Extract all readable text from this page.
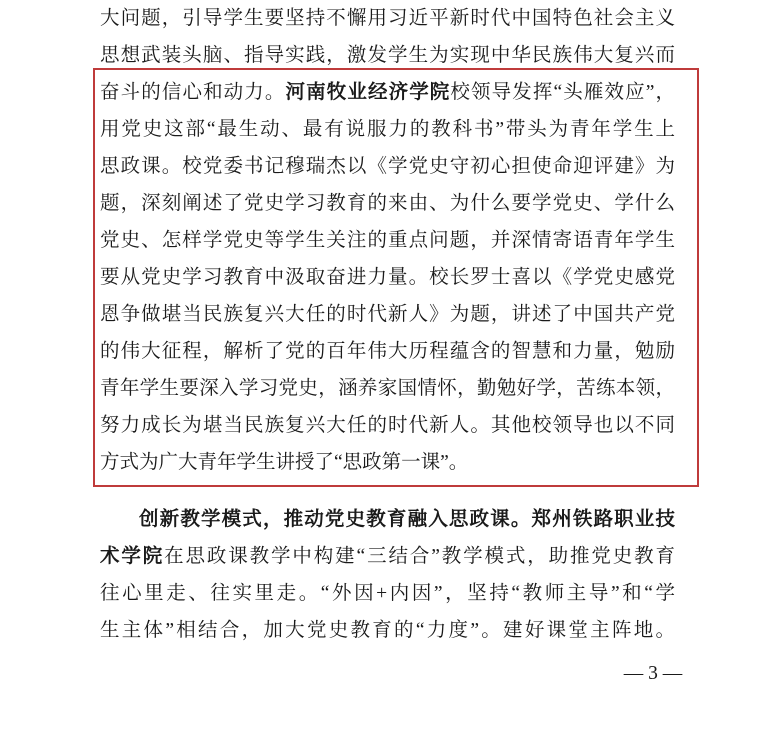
大问题，引导学生要坚持不懈用习近平新时代中国特色社会主义
思想武装头脑、指导实践，激发学生为实现中华民族伟大复兴而
奋斗的信心和动力。河南牧业经济学院校领导发挥“头雁效应”，
用党史这部“最生动、最有说服力的教科书”带头为青年学生上
思政课。校党委书记穆瑞杰以《学党史守初心担使命迎评建》为
题，深刻阐述了党史学习教育的来由、为什么要学党史、学什么
党史、怎样学党史等学生关注的重点问题，并深情寄语青年学生
要从党史学习教育中汲取奋进力量。校长罗士喜以《学党史感党
恩争做堪当民族复兴大任的时代新人》为题，讲述了中国共产党
的伟大征程，解析了党的百年伟大历程蕴含的智慧和力量，勉励
青年学生要深入学习党史，涵养家国情怀，勤勉好学，苦练本领，
努力成长为堪当民族复兴大任的时代新人。其他校领导也以不同
方式为广大青年学生讲授了“思政第一课”。
创新教学模式，推动党史教育融入思政课。郑州铁路职业技
术学院在思政课教学中构建“三结合”教学模式，助推党史教育
往心里走、往实里走。“外因+内因”，坚持“教师主导”和“学
生主体”相结合，加大党史教育的“力度”。建好课堂主阵地。
— 3 —
